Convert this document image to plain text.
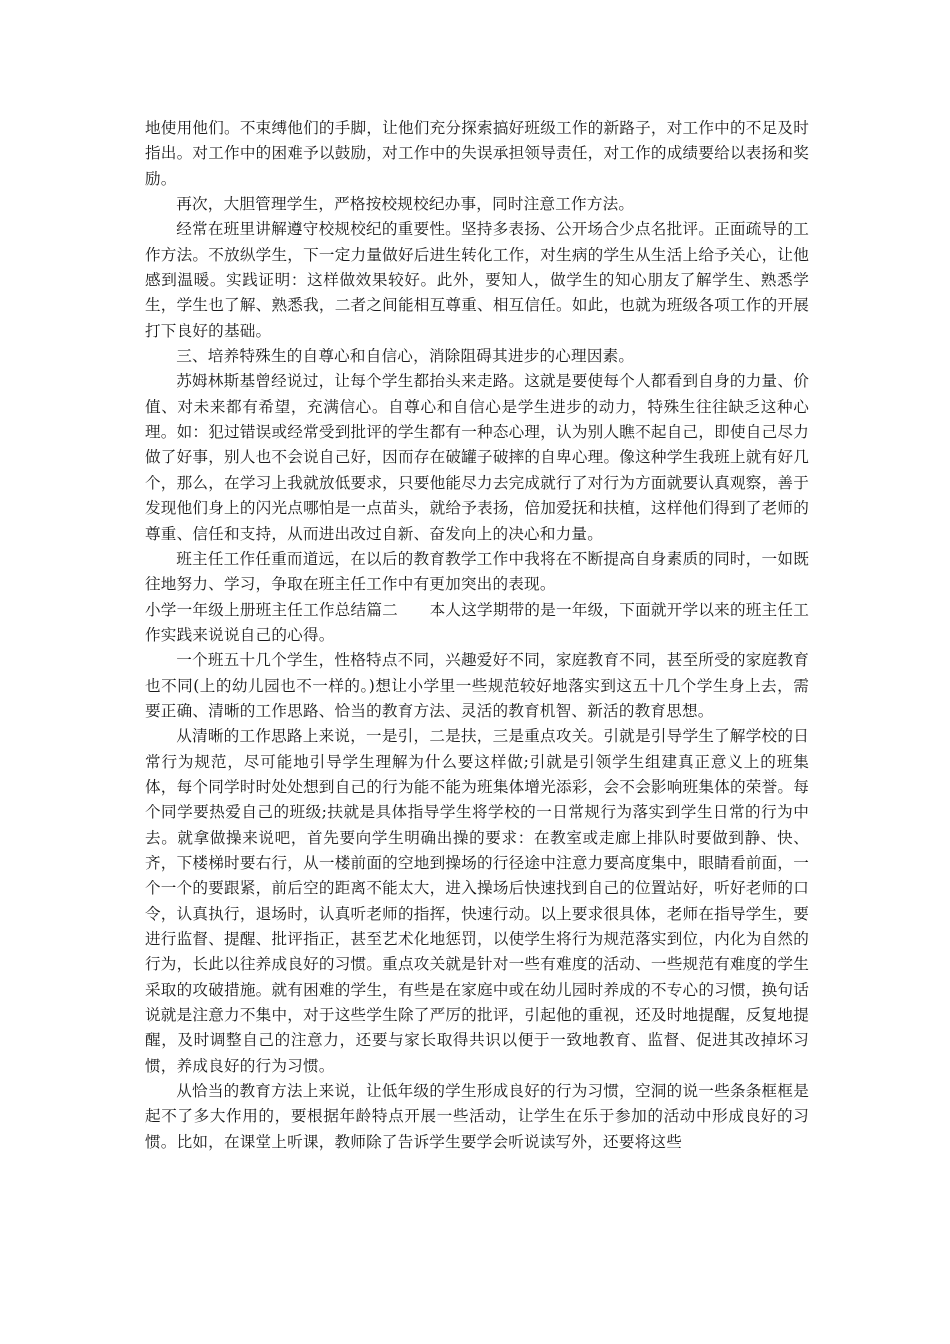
地使用他们。不束缚他们的手脚，让他们充分探索搞好班级工作的新路子，对工作中的不足及时指出。对工作中的困难予以鼓励，对工作中的失误承担领导责任，对工作的成绩要给以表扬和奖励。

再次，大胆管理学生，严格按校规校纪办事，同时注意工作方法。

经常在班里讲解遵守校规校纪的重要性。坚持多表扬、公开场合少点名批评。正面疏导的工作方法。不放纵学生，下一定力量做好后进生转化工作，对生病的学生从生活上给予关心，让他感到温暖。实践证明：这样做效果较好。此外，要知人，做学生的知心朋友了解学生、熟悉学生，学生也了解、熟悉我，二者之间能相互尊重、相互信任。如此，也就为班级各项工作的开展打下良好的基础。

三、培养特殊生的自尊心和自信心，消除阻碍其进步的心理因素。

苏姆林斯基曾经说过，让每个学生都抬头来走路。这就是要使每个人都看到自身的力量、价值、对未来都有希望，充满信心。自尊心和自信心是学生进步的动力，特殊生往往缺乏这种心理。如：犯过错误或经常受到批评的学生都有一种态心理，认为别人瞧不起自己，即使自己尽力做了好事，别人也不会说自己好，因而存在破罐子破摔的自卑心理。像这种学生我班上就有好几个，那么，在学习上我就放低要求，只要他能尽力去完成就行了对行为方面就要认真观察，善于发现他们身上的闪光点哪怕是一点苗头，就给予表扬，倍加爱抚和扶植，这样他们得到了老师的尊重、信任和支持，从而进出改过自新、奋发向上的决心和力量。

班主任工作任重而道远，在以后的教育教学工作中我将在不断提高自身素质的同时，一如既往地努力、学习，争取在班主任工作中有更加突出的表现。

小学一年级上册班主任工作总结篇二　　本人这学期带的是一年级，下面就开学以来的班主任工作实践来说说自己的心得。

一个班五十几个学生，性格特点不同，兴趣爱好不同，家庭教育不同，甚至所受的家庭教育也不同(上的幼儿园也不一样的。)想让小学里一些规范较好地落实到这五十几个学生身上去，需要正确、清晰的工作思路、恰当的教育方法、灵活的教育机智、新活的教育思想。

从清晰的工作思路上来说，一是引，二是扶，三是重点攻关。引就是引导学生了解学校的日常行为规范，尽可能地引导学生理解为什么要这样做;引就是引领学生组建真正意义上的班集体，每个同学时时处处想到自己的行为能不能为班集体增光添彩，会不会影响班集体的荣誉。每个同学要热爱自己的班级;扶就是具体指导学生将学校的一日常规行为落实到学生日常的行为中去。就拿做操来说吧，首先要向学生明确出操的要求：在教室或走廊上排队时要做到静、快、齐，下楼梯时要右行，从一楼前面的空地到操场的行径途中注意力要高度集中，眼睛看前面，一个一个的要跟紧，前后空的距离不能太大，进入操场后快速找到自己的位置站好，听好老师的口令，认真执行，退场时，认真听老师的指挥，快速行动。以上要求很具体，老师在指导学生，要进行监督、提醒、批评指正，甚至艺术化地惩罚，以使学生将行为规范落实到位，内化为自然的行为，长此以往养成良好的习惯。重点攻关就是针对一些有难度的活动、一些规范有难度的学生采取的攻破措施。就有困难的学生，有些是在家庭中或在幼儿园时养成的不专心的习惯，换句话说就是注意力不集中，对于这些学生除了严厉的批评，引起他的重视，还及时地提醒，反复地提醒，及时调整自己的注意力，还要与家长取得共识以便于一致地教育、监督、促进其改掉坏习惯，养成良好的行为习惯。

从恰当的教育方法上来说，让低年级的学生形成良好的行为习惯，空洞的说一些条条框框是起不了多大作用的，要根据年龄特点开展一些活动，让学生在乐于参加的活动中形成良好的习惯。比如，在课堂上听课，教师除了告诉学生要学会听说读写外，还要将这些
